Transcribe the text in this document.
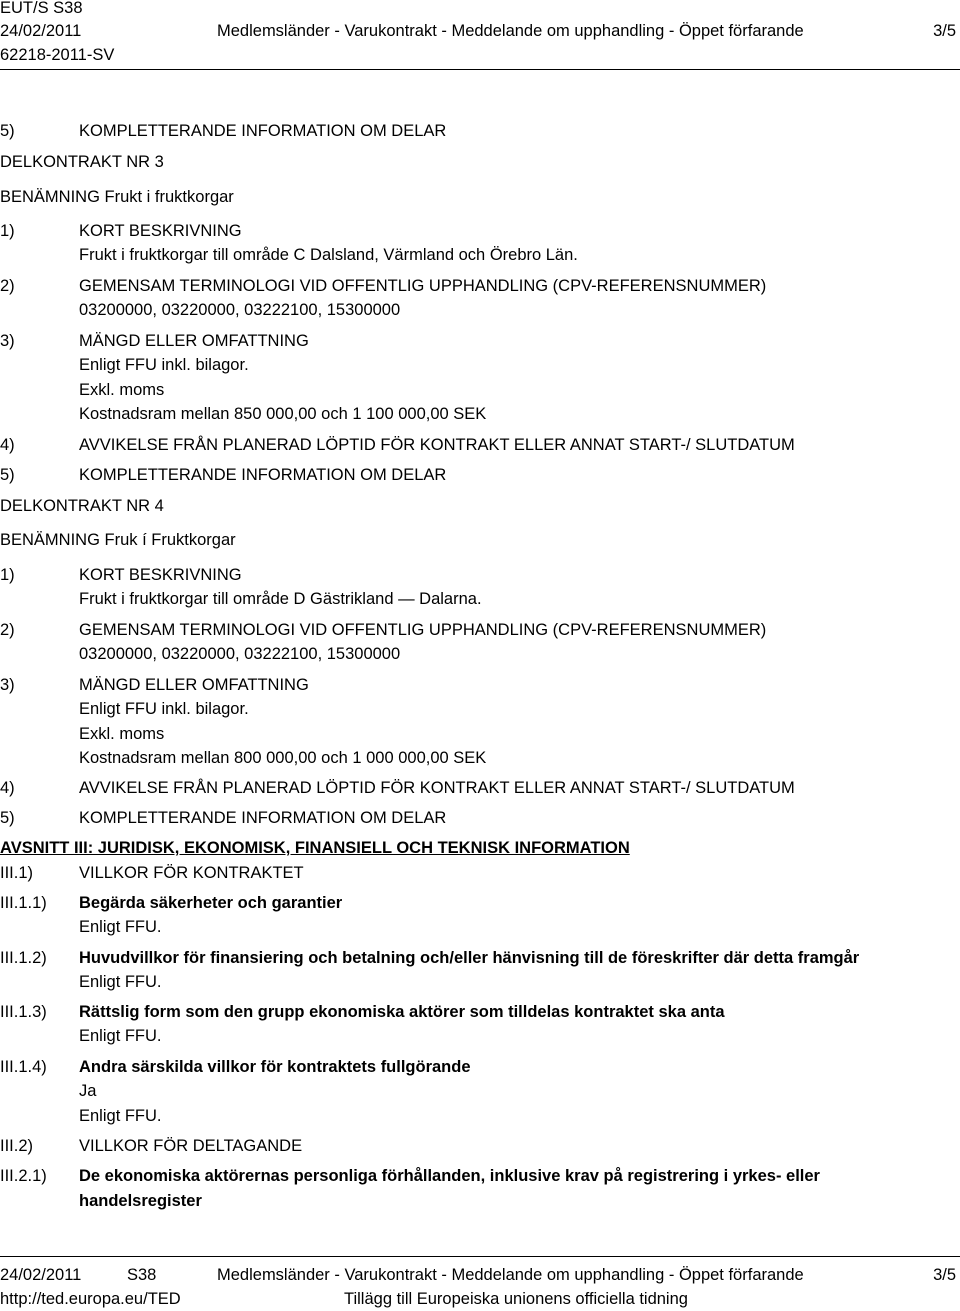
EUT/S S38
24/02/2011	Medlemsländer - Varukontrakt - Meddelande om upphandling - Öppet förfarande	3/5
62218-2011-SV
5)	KOMPLETTERANDE INFORMATION OM DELAR
DELKONTRAKT NR 3
BENÄMNING Frukt i fruktkorgar
1)	KORT BESKRIVNING
Frukt i fruktkorgar till område C Dalsland, Värmland och Örebro Län.
2)	GEMENSAM TERMINOLOGI VID OFFENTLIG UPPHANDLING (CPV-REFERENSNUMMER)
03200000, 03220000, 03222100, 15300000
3)	MÄNGD ELLER OMFATTNING
Enligt FFU inkl. bilagor.
Exkl. moms
Kostnadsram mellan 850 000,00 och 1 100 000,00 SEK
4)	AVVIKELSE FRÅN PLANERAD LÖPTID FÖR KONTRAKT ELLER ANNAT START-/ SLUTDATUM
5)	KOMPLETTERANDE INFORMATION OM DELAR
DELKONTRAKT NR 4
BENÄMNING Fruk í Fruktkorgar
1)	KORT BESKRIVNING
Frukt i fruktkorgar till område D Gästrikland — Dalarna.
2)	GEMENSAM TERMINOLOGI VID OFFENTLIG UPPHANDLING (CPV-REFERENSNUMMER)
03200000, 03220000, 03222100, 15300000
3)	MÄNGD ELLER OMFATTNING
Enligt FFU inkl. bilagor.
Exkl. moms
Kostnadsram mellan 800 000,00 och 1 000 000,00 SEK
4)	AVVIKELSE FRÅN PLANERAD LÖPTID FÖR KONTRAKT ELLER ANNAT START-/ SLUTDATUM
5)	KOMPLETTERANDE INFORMATION OM DELAR
AVSNITT III: JURIDISK, EKONOMISK, FINANSIELL OCH TEKNISK INFORMATION
III.1)	VILLKOR FÖR KONTRAKTET
III.1.1) Begärda säkerheter och garantier
Enligt FFU.
III.1.2) Huvudvillkor för finansiering och betalning och/eller hänvisning till de föreskrifter där detta framgår
Enligt FFU.
III.1.3) Rättslig form som den grupp ekonomiska aktörer som tilldelas kontraktet ska anta
Enligt FFU.
III.1.4) Andra särskilda villkor för kontraktets fullgörande
Ja
Enligt FFU.
III.2)	VILLKOR FÖR DELTAGANDE
III.2.1) De ekonomiska aktörernas personliga förhållanden, inklusive krav på registrering i yrkes- eller
handelsregister
24/02/2011	S38	Medlemsländer - Varukontrakt - Meddelande om upphandling - Öppet förfarande	3/5
http://ted.europa.eu/TED	Tillägg till Europeiska unionens officiella tidning
